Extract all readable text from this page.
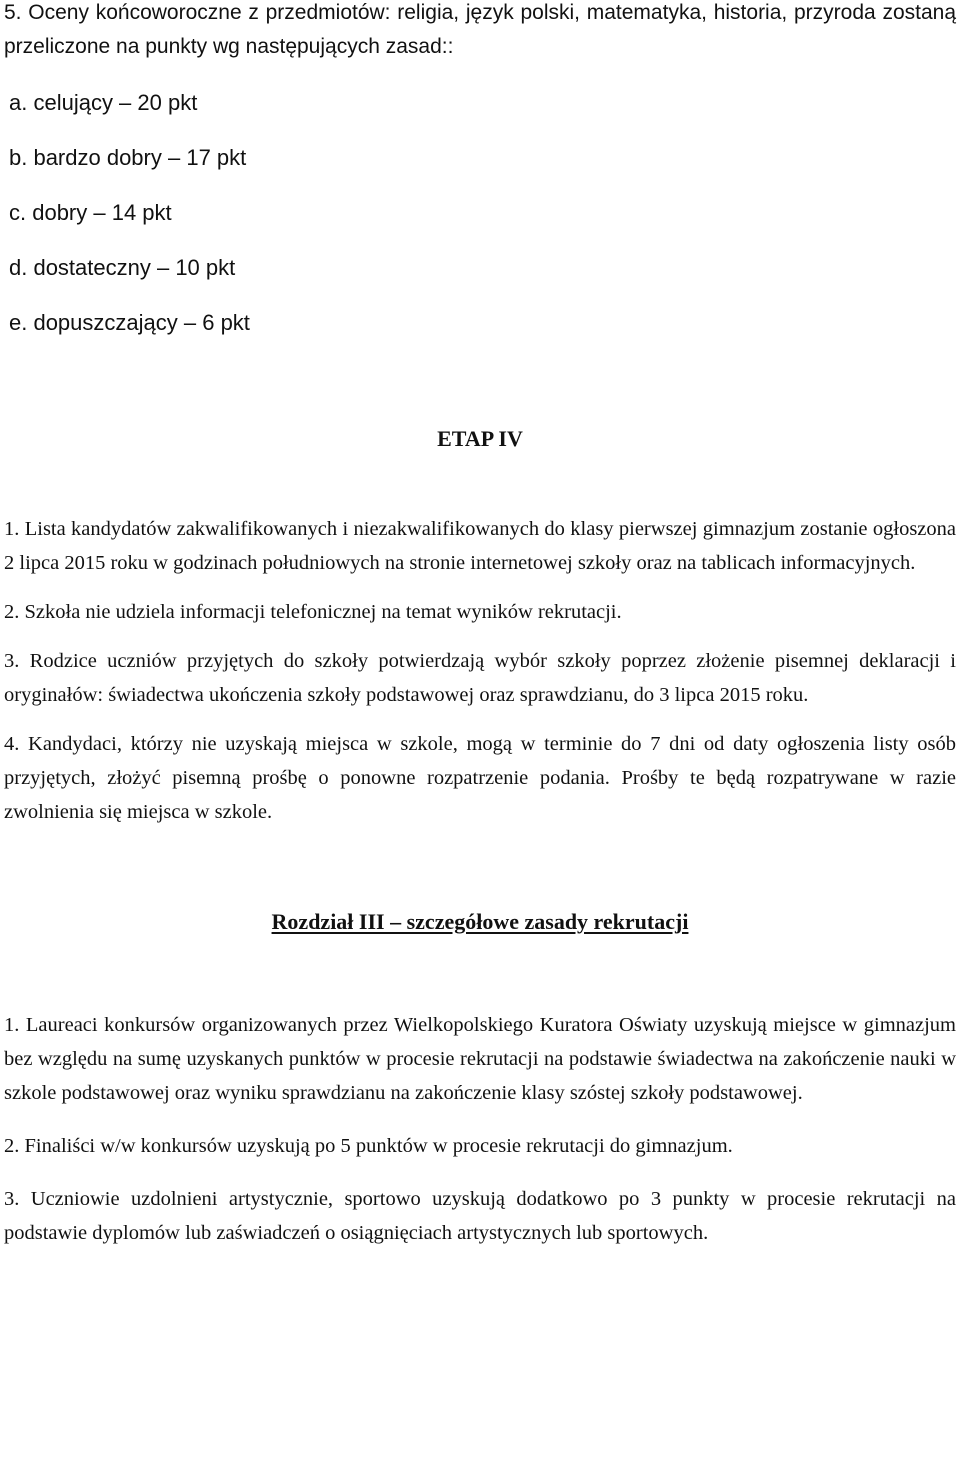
5. Oceny końcoworoczne z przedmiotów: religia, język polski, matematyka, historia, przyroda zostaną przeliczone na punkty wg następujących zasad::

a. celujący – 20 pkt

b. bardzo dobry – 17 pkt

c. dobry – 14 pkt

d. dostateczny – 10 pkt

e. dopuszczający – 6 pkt

ETAP IV

1. Lista kandydatów zakwalifikowanych i niezakwalifikowanych do klasy pierwszej gimnazjum zostanie ogłoszona 2 lipca 2015 roku w godzinach południowych na stronie internetowej szkoły oraz na tablicach informacyjnych.

2. Szkoła nie udziela informacji telefonicznej na temat wyników rekrutacji.

3. Rodzice uczniów przyjętych do szkoły potwierdzają wybór szkoły poprzez złożenie pisemnej deklaracji i oryginałów: świadectwa ukończenia szkoły podstawowej oraz sprawdzianu, do 3 lipca 2015 roku.

4. Kandydaci, którzy nie uzyskają miejsca w szkole, mogą w terminie do 7 dni od daty ogłoszenia listy osób przyjętych, złożyć pisemną prośbę o ponowne rozpatrzenie podania. Prośby te będą rozpatrywane w razie zwolnienia się miejsca w szkole.

Rozdział III – szczegółowe zasady rekrutacji

1. Laureaci konkursów organizowanych przez Wielkopolskiego Kuratora Oświaty uzyskują miejsce w gimnazjum bez względu na sumę uzyskanych punktów w procesie rekrutacji na podstawie świadectwa na zakończenie nauki w szkole podstawowej oraz wyniku sprawdzianu na zakończenie klasy szóstej szkoły podstawowej.

2. Finaliści w/w konkursów uzyskują po 5 punktów w procesie rekrutacji do gimnazjum.

3. Uczniowie uzdolnieni artystycznie, sportowo uzyskują dodatkowo po 3 punkty w procesie rekrutacji na podstawie dyplomów lub zaświadczeń o osiągnięciach artystycznych lub sportowych.
